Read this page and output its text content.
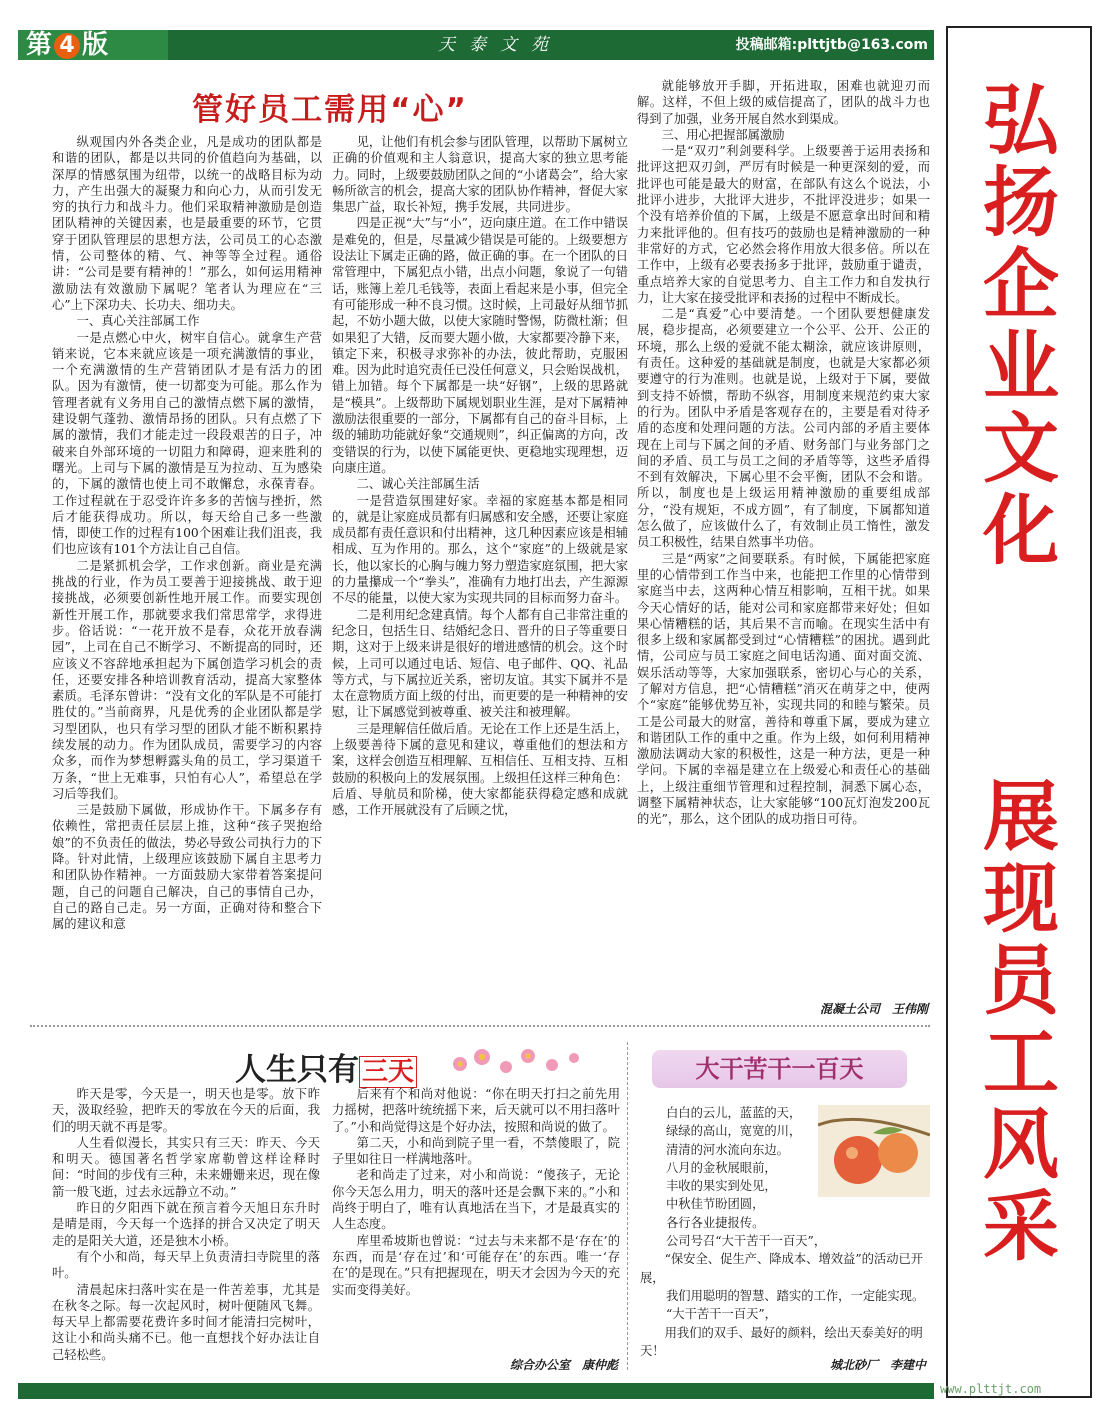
第 4 版	天泰文苑	投稿邮箱:plttjtb@163.com
弘
扬
企
业
文
化
展
现
员
工
风
采
管好员工需用“心”

纵观国内外各类企业，凡是成功的团队都是和谐的团队，都是以共同的价值趋向为基础，以深厚的情感氛围为纽带，以统一的战略目标为动力，产生出强大的凝聚力和向心力，从而引发无穷的执行力和战斗力。他们采取精神激励是创造团队精神的关键因素，也是最重要的环节，它贯穿于团队管理层的思想方法，公司员工的心态激情，公司整体的精、气、神等等全过程。通俗讲：“公司是要有精神的！”那么，如何运用精神激励法有效激励下属呢？笔者认为理应在“三心”上下深功夫、长功夫、细功夫。

一、真心关注部属工作

一是点燃心中火，树牢自信心。就拿生产营销来说，它本来就应该是一项充满激情的事业，一个充满激情的生产营销团队才是有活力的团队。因为有激情，使一切都变为可能。那么作为管理者就有义务用自己的激情点燃下属的激情，建设朝气蓬勃、激情昂扬的团队。只有点燃了下属的激情，我们才能走过一段段艰苦的日子，冲破来自外部环境的一切阻力和障碍，迎来胜利的曙光。上司与下属的激情是互为拉动、互为感染的，下属的激情也使上司不敢懈怠，永葆青春。工作过程就在于忍受许许多多的苦恼与挫折，然后才能获得成功。所以，每天给自己多一些激情，即使工作的过程有100个困难让我们沮丧，我们也应该有101个方法让自己自信。

二是紧抓机会学，工作求创新。商业是充满挑战的行业，作为员工要善于迎接挑战、敢于迎接挑战，必须要创新性地开展工作。而要实现创新性开展工作，那就要求我们常思常学，求得进步。俗话说：“一花开放不是春，众花开放春满园”，上司在自己不断学习、不断提高的同时，还应该义不容辞地承担起为下属创造学习机会的责任，还要安排各种培训教育活动，提高大家整体素质。毛泽东曾讲：“没有文化的军队是不可能打胜仗的。”当前商界，凡是优秀的企业团队都是学习型团队，也只有学习型的团队才能不断积累持续发展的动力。作为团队成员，需要学习的内容众多，而作为梦想孵露头角的员工，学习渠道千万条，“世上无难事，只怕有心人”，希望总在学习后等我们。

三是鼓励下属做，形成协作干。下属多存有依赖性，常把责任层层上推，这种“孩子哭抱给娘”的不负责任的做法，势必导致公司执行力的下降。针对此情，上级理应该鼓励下属自主思考力和团队协作精神。一方面鼓励大家带着答案提问题，自己的问题自己解决，自己的事情自己办，自己的路自己走。另一方面，正确对待和整合下属的建议和意

见，让他们有机会参与团队管理，以帮助下属树立正确的价值观和主人翁意识，提高大家的独立思考能力。同时，上级要鼓励团队之间的“小诸葛会”，给大家畅所欲言的机会，提高大家的团队协作精神，督促大家集思广益，取长补短，携手发展，共同进步。

四是正视“大”与“小”，迈向康庄道。在工作中错误是难免的，但是，尽量减少错误是可能的。上级要想方设法让下属走正确的路，做正确的事。在一个团队的日常管理中，下属犯点小错，出点小问题，象说了一句错话，账簿上差几毛钱等，表面上看起来是小事，但完全有可能形成一种不良习惯。这时候，上司最好从细节抓起，不妨小题大做，以使大家随时警惕，防微杜渐；但如果犯了大错，反而要大题小做，大家都要冷静下来，镇定下来，积极寻求弥补的办法，彼此帮助，克服困难。因为此时追究责任已没任何意义，只会贻误战机，错上加错。每个下属都是一块“好钢”，上级的思路就是“模具”。上级帮助下属规划职业生涯，是对下属精神激励法很重要的一部分，下属都有自己的奋斗目标，上级的辅助功能就好象“交通规则”，纠正偏离的方向，改变错误的行为，以使下属能更快、更稳地实现理想，迈向康庄道。

二、诚心关注部属生活

一是营造氛围建好家。幸福的家庭基本都是相同的，就是让家庭成员都有归属感和安全感，还要让家庭成员都有责任意识和付出精神，这几种因素应该是相辅相成、互为作用的。那么，这个“家庭”的上级就是家长，他以家长的心胸与魄力努力塑造家庭氛围，把大家的力量攥成一个“拳头”，准确有力地打出去，产生源源不尽的能量，以使大家为实现共同的目标而努力奋斗。

二是利用纪念建真情。每个人都有自己非常注重的纪念日，包括生日、结婚纪念日、晋升的日子等重要日期，这对于上级来讲是很好的增进感情的机会。这个时候，上司可以通过电话、短信、电子邮件、QQ、礼品等方式，与下属拉近关系，密切友谊。其实下属并不是太在意物质方面上级的付出，而更要的是一种精神的安慰，让下属感觉到被尊重、被关注和被理解。

三是理解信任做后盾。无论在工作上还是生活上，上级要善待下属的意见和建议，尊重他们的想法和方案，这样会创造互相理解、互相信任、互相支持、互相鼓励的积极向上的发展氛围。上级担任这样三种角色：后盾、导航员和阶梯，使大家都能获得稳定感和成就感，工作开展就没有了后顾之忧，

就能够放开手脚，开拓进取，困难也就迎刃而解。这样，不但上级的威信提高了，团队的战斗力也得到了加强，业务开展自然水到渠成。

三、用心把握部属激励

一是“双刃”利剑要科学。上级要善于运用表扬和批评这把双刃剑，严厉有时候是一种更深刻的爱，而批评也可能是最大的财富，在部队有这么个说法，小批评小进步，大批评大进步，不批评没进步；如果一个没有培养价值的下属，上级是不愿意拿出时间和精力来批评他的。但有技巧的鼓励也是精神激励的一种非常好的方式，它必然会将作用放大很多倍。所以在工作中，上级有必要表扬多于批评，鼓励重于谴责，重点培养大家的自觉思考力、自主工作力和自发执行力，让大家在接受批评和表扬的过程中不断成长。

二是“真爱”心中要清楚。一个团队要想健康发展，稳步提高，必须要建立一个公平、公开、公正的环境，那么上级的爱就不能太糊涂，就应该讲原则，有责任。这种爱的基础就是制度，也就是大家都必须要遵守的行为准则。也就是说，上级对于下属，要做到支持不娇惯，帮助不纵容，用制度来规范约束大家的行为。团队中矛盾是客观存在的，主要是看对待矛盾的态度和处理问题的方法。公司内部的矛盾主要体现在上司与下属之间的矛盾、财务部门与业务部门之间的矛盾、员工与员工之间的矛盾等等，这些矛盾得不到有效解决，下属心里不会平衡，团队不会和谐。所以，制度也是上级运用精神激励的重要组成部分，“没有规矩，不成方圆”，有了制度，下属都知道怎么做了，应该做什么了，有效制止员工惰性，激发员工积极性，结果自然事半功倍。

三是“两家”之间要联系。有时候，下属能把家庭里的心情带到工作当中来，也能把工作里的心情带到家庭当中去，这两种心情互相影响，互相干扰。如果今天心情好的话，能对公司和家庭都带来好处；但如果心情糟糕的话，其后果不言而喻。在现实生活中有很多上级和家属都受到过“心情糟糕”的困扰。遇到此情，公司应与员工家庭之间电话沟通、面对面交流、娱乐活动等等，大家加强联系，密切心与心的关系，了解对方信息，把“心情糟糕”消灭在萌芽之中，使两个“家庭”能够优势互补，实现共同的和睦与繁荣。员工是公司最大的财富，善待和尊重下属，要成为建立和谐团队工作的重中之重。作为上级，如何利用精神激励法调动大家的积极性，这是一种方法，更是一种学问。下属的幸福是建立在上级爱心和责任心的基础上，上级注重细节管理和过程控制，洞悉下属心态，调整下属精神状态，让大家能够“100瓦灯泡发200瓦的光”，那么，这个团队的成功指日可待。

混凝土公司　王伟刚
人生只有 三天

昨天是零，今天是一，明天也是零。放下昨天，汲取经验，把昨天的零放在今天的后面，我们的明天就不再是零。

人生看似漫长，其实只有三天：昨天、今天和明天。德国著名哲学家席勒曾这样诠释时间：“时间的步伐有三种，未来姗姗来迟，现在像箭一般飞逝，过去永远静立不动。”

昨日的夕阳西下就在预言着今天旭日东升时是晴是雨，今天每一个选择的拼合又决定了明天走的是阳关大道，还是独木小桥。

有个小和尚，每天早上负责清扫寺院里的落叶。

清晨起床扫落叶实在是一件苦差事，尤其是在秋冬之际。每一次起风时，树叶便随风飞舞。每天早上都需要花费许多时间才能清扫完树叶，这让小和尚头痛不已。他一直想找个好办法让自己轻松些。

后来有个和尚对他说：“你在明天打扫之前先用力摇树，把落叶统统摇下来，后天就可以不用扫落叶了。”小和尚觉得这是个好办法，按照和尚说的做了。

第二天，小和尚到院子里一看，不禁傻眼了，院子里如往日一样满地落叶。

老和尚走了过来，对小和尚说：“傻孩子，无论你今天怎么用力，明天的落叶还是会飘下来的。”小和尚终于明白了，唯有认真地活在当下，才是最真实的人生态度。

库里希坡斯也曾说：“过去与未来都不是‘存在’的东西，而是‘存在过’和‘可能存在’的东西。唯一‘存在’的是现在。”只有把握现在，明天才会因为今天的充实而变得美好。

综合办公室　康仲彪
大干苦干一百天

白白的云儿，蓝蓝的天，

绿绿的高山，宽宽的川，

清清的河水流向东边。

八月的金秋展眼前，

丰收的果实到处见，

中秋佳节盼团圆，

各行各业捷报传。

公司号召“大干苦干一百天”，

“保安全、促生产、降成本、增效益”的活动已开展，

我们用聪明的智慧、踏实的工作，一定能实现。

“大干苦干一百天”，

用我们的双手、最好的颜料，绘出天泰美好的明天！

城北砂厂　李建中
www.plttjt.com
